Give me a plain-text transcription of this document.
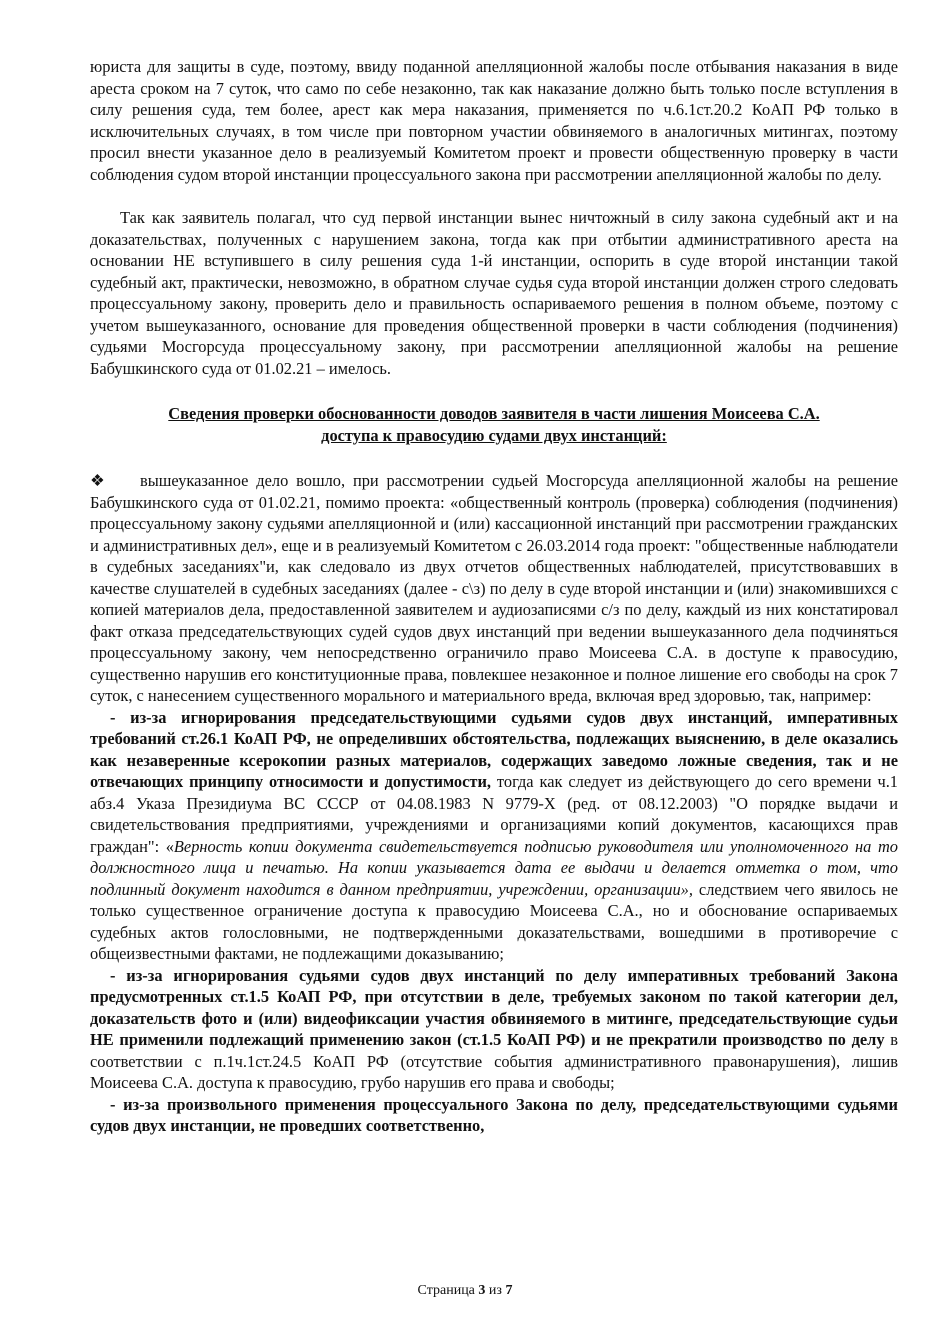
юриста для защиты в суде, поэтому, ввиду поданной апелляционной жалобы после отбывания наказания в виде ареста сроком на 7 суток, что само по себе незаконно, так как наказание должно быть только после вступления в силу решения суда, тем более, арест как мера наказания, применяется по ч.6.1ст.20.2 КоАП РФ только в исключительных случаях, в том числе при повторном участии обвиняемого в аналогичных митингах, поэтому просил внести указанное дело в реализуемый Комитетом проект и провести общественную проверку в части соблюдения судом второй инстанции процессуального закона при рассмотрении апелляционной жалобы по делу.

Так как заявитель полагал, что суд первой инстанции вынес ничтожный в силу закона судебный акт и на доказательствах, полученных с нарушением закона, тогда как при отбытии административного ареста на основании НЕ вступившего в силу решения суда 1-й инстанции, оспорить в суде второй инстанции такой судебный акт, практически, невозможно, в обратном случае судья суда второй инстанции должен строго следовать процессуальному закону, проверить дело и правильность оспариваемого решения в полном объеме, поэтому с учетом вышеуказанного, основание для проведения общественной проверки в части соблюдения (подчинения) судьями Мосгорсуда процессуальному закону, при рассмотрении апелляционной жалобы на решение Бабушкинского суда от 01.02.21 – имелось.

Сведения проверки обоснованности доводов заявителя в части лишения Моисеева С.А.
доступа к правосудию судами двух инстанций:

❖ вышеуказанное дело вошло, при рассмотрении судьей Мосгорсуда апелляционной жалобы на решение Бабушкинского суда от 01.02.21, помимо проекта: «общественный контроль (проверка) соблюдения (подчинения) процессуальному закону судьями апелляционной и (или) кассационной инстанций при рассмотрении гражданских и административных дел», еще и в реализуемый Комитетом с 26.03.2014 года проект: "общественные наблюдатели в судебных заседаниях"и, как следовало из двух отчетов общественных наблюдателей, присутствовавших в качестве слушателей в судебных заседаниях (далее - с\з) по делу в суде второй инстанции и (или) знакомившихся с копией материалов дела, предоставленной заявителем и аудиозаписями с/з по делу, каждый из них констатировал факт отказа председательствующих судей судов двух инстанций при ведении вышеуказанного дела подчиняться процессуальному закону, чем непосредственно ограничило право Моисеева С.А. в доступе к правосудию, существенно нарушив его конституционные права, повлекшее незаконное и полное лишение его свободы на срок 7 суток, с нанесением существенного морального и материального вреда, включая вред здоровью, так, например:

- из-за игнорирования председательствующими судьями судов двух инстанций, императивных требований ст.26.1 КоАП РФ, не определивших обстоятельства, подлежащих выяснению, в деле оказались как незаверенные ксерокопии разных материалов, содержащих заведомо ложные сведения, так и не отвечающих принципу относимости и допустимости, тогда как следует из действующего до сего времени ч.1 абз.4 Указа Президиума ВС СССР от 04.08.1983 N 9779-X (ред. от 08.12.2003) "О порядке выдачи и свидетельствования предприятиями, учреждениями и организациями копий документов, касающихся прав граждан": «Верность копии документа свидетельствуется подписью руководителя или уполномоченного на то должностного лица и печатью. На копии указывается дата ее выдачи и делается отметка о том, что подлинный документ находится в данном предприятии, учреждении, организации», следствием чего явилось не только существенное ограничение доступа к правосудию Моисеева С.А., но и обоснование оспариваемых судебных актов голословными, не подтвержденными доказательствами, вошедшими в противоречие с общеизвестными фактами, не подлежащими доказыванию;

- из-за игнорирования судьями судов двух инстанций по делу императивных требований Закона предусмотренных ст.1.5 КоАП РФ, при отсутствии в деле, требуемых законом по такой категории дел, доказательств фото и (или) видеофиксации участия обвиняемого в митинге, председательствующие судьи НЕ применили подлежащий применению закон (ст.1.5 КоАП РФ) и не прекратили производство по делу в соответствии с п.1ч.1ст.24.5 КоАП РФ (отсутствие события административного правонарушения), лишив Моисеева С.А. доступа к правосудию, грубо нарушив его права и свободы;

- из-за произвольного применения процессуального Закона по делу, председательствующими судьями судов двух инстанции, не проведших соответственно,

Страница 3 из 7
